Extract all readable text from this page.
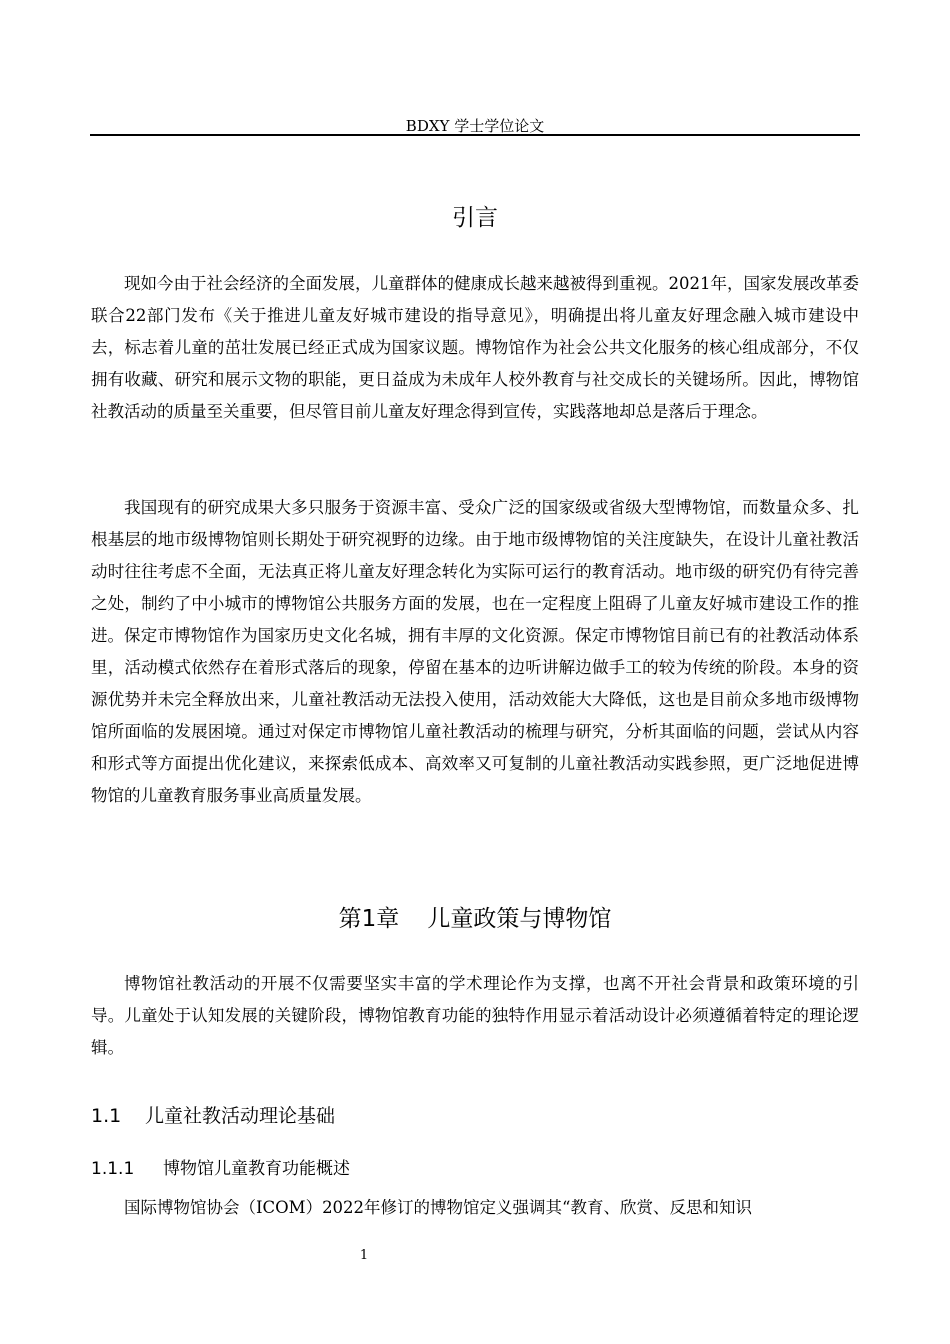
BDXY 学士学位论文
引言

现如今由于社会经济的全面发展，儿童群体的健康成长越来越被得到重视。2021年，国家发展改革委联合22部门发布《关于推进儿童友好城市建设的指导意见》，明确提出将儿童友好理念融入城市建设中去，标志着儿童的茁壮发展已经正式成为国家议题。博物馆作为社会公共文化服务的核心组成部分，不仅拥有收藏、研究和展示文物的职能，更日益成为未成年人校外教育与社交成长的关键场所。因此，博物馆社教活动的质量至关重要，但尽管目前儿童友好理念得到宣传，实践落地却总是落后于理念。

我国现有的研究成果大多只服务于资源丰富、受众广泛的国家级或省级大型博物馆，而数量众多、扎根基层的地市级博物馆则长期处于研究视野的边缘。由于地市级博物馆的关注度缺失，在设计儿童社教活动时往往考虑不全面，无法真正将儿童友好理念转化为实际可运行的教育活动。地市级的研究仍有待完善之处，制约了中小城市的博物馆公共服务方面的发展，也在一定程度上阻碍了儿童友好城市建设工作的推进。 保定市博物馆作为国家历史文化名城，拥有丰厚的文化资源。保定市博物馆目前已有的社教活动体系里，活动模式依然存在着形式落后的现象，停留在基本的边听讲解边做手工的较为传统的阶段。本身的资源优势并未完全释放出来，儿童社教活动无法投入使用，活动效能大大降低，这也是目前众多地市级博物馆所面临的发展困境。通过对保定市博物馆儿童社教活动的梳理与研究，分析其面临的问题，尝试从内容和形式等方面提出优化建议，来探索低成本、高效率又可复制的儿童社教活动实践参照，更广泛地促进博物馆的儿童教育服务事业高质量发展。

第1章 儿童政策与博物馆

博物馆社教活动的开展不仅需要坚实丰富的学术理论作为支撑，也离不开社会背景和政策环境的引导。儿童处于认知发展的关键阶段，博物馆教育功能的独特作用显示着活动设计必须遵循着特定的理论逻辑。

1.1 儿童社教活动理论基础
1.1.1 博物馆儿童教育功能概述

国际博物馆协会（ICOM）2022年修订的博物馆定义强调其“教育、欣赏、反思和知识

1
